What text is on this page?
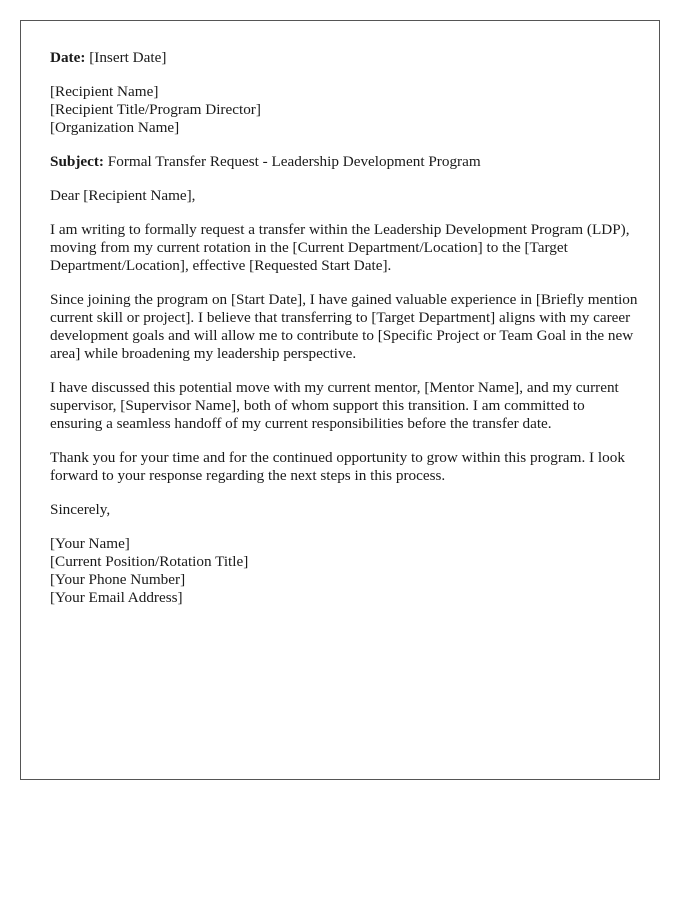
Date: [Insert Date]
[Recipient Name]
[Recipient Title/Program Director]
[Organization Name]
Subject: Formal Transfer Request - Leadership Development Program

Dear [Recipient Name],

I am writing to formally request a transfer within the Leadership Development Program (LDP), moving from my current rotation in the [Current Department/Location] to the [Target Department/Location], effective [Requested Start Date].

Since joining the program on [Start Date], I have gained valuable experience in [Briefly mention current skill or project]. I believe that transferring to [Target Department] aligns with my career development goals and will allow me to contribute to [Specific Project or Team Goal in the new area] while broadening my leadership perspective.

I have discussed this potential move with my current mentor, [Mentor Name], and my current supervisor, [Supervisor Name], both of whom support this transition. I am committed to ensuring a seamless handoff of my current responsibilities before the transfer date.

Thank you for your time and for the continued opportunity to grow within this program. I look forward to your response regarding the next steps in this process.

Sincerely,

[Your Name]
[Current Position/Rotation Title]
[Your Phone Number]
[Your Email Address]
